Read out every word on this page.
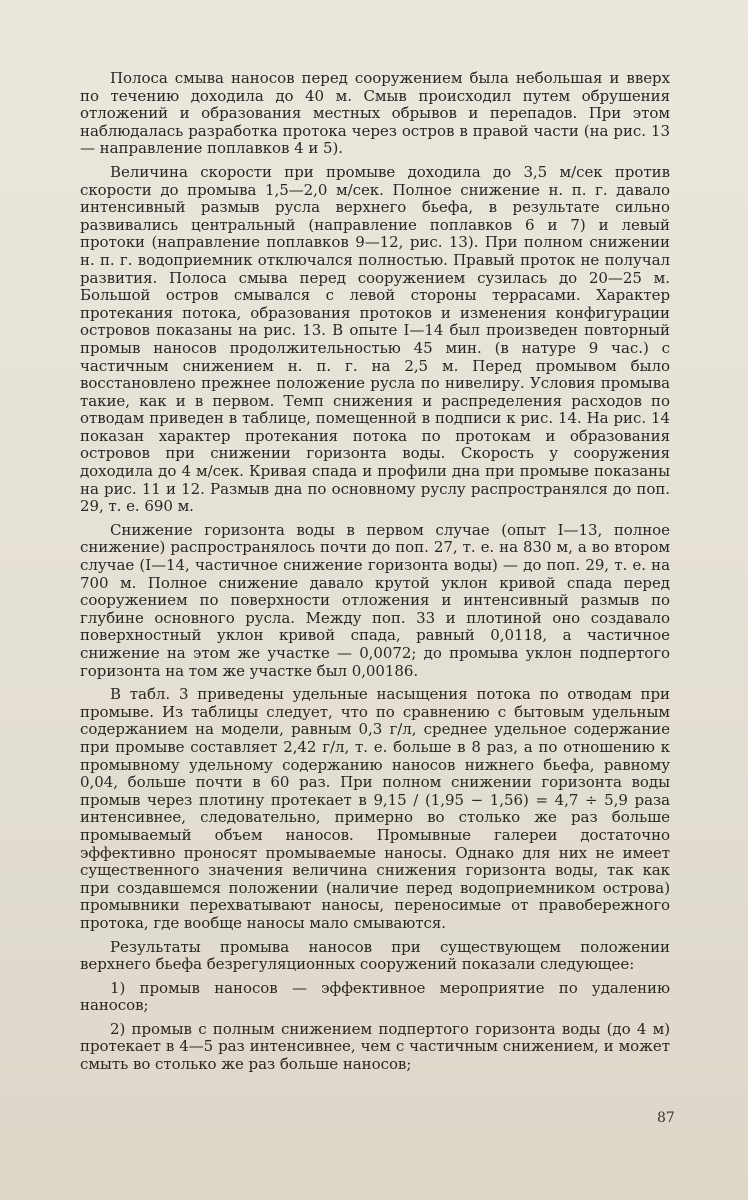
Полоса смыва наносов перед сооружением была небольшая и вверх по течению доходила до 40 м. Смыв происходил путем обрушения отложений и образования местных обрывов и перепадов. При этом наблюдалась разработка протока через остров в правой части (на рис. 13 — направление поплавков 4 и 5).

Величина скорости при промыве доходила до 3,5 м/сек против скорости до промыва 1,5—2,0 м/сек. Полное снижение н. п. г. давало интенсивный размыв русла верхнего бьефа, в результате сильно развивались центральный (направление поплавков 6 и 7) и левый протоки (направление поплавков 9—12, рис. 13). При полном снижении н. п. г. водоприемник отключался полностью. Правый проток не получал развития. Полоса смыва перед сооружением сузилась до 20—25 м. Большой остров смывался с левой стороны террасами. Характер протекания потока, образования протоков и изменения конфигурации островов показаны на рис. 13. В опыте I—14 был произведен повторный промыв наносов продолжительностью 45 мин. (в натуре 9 час.) с частичным снижением н. п. г. на 2,5 м. Перед промывом было восстановлено прежнее положение русла по нивелиру. Условия промыва такие, как и в первом. Темп снижения и распределения расходов по отводам приведен в таблице, помещенной в подписи к рис. 14. На рис. 14 показан характер протекания потока по протокам и образования островов при снижении горизонта воды. Скорость у сооружения доходила до 4 м/сек. Кривая спада и профили дна при промыве показаны на рис. 11 и 12. Размыв дна по основному руслу распространялся до поп. 29, т. е. 690 м.

Снижение горизонта воды в первом случае (опыт I—13, полное снижение) распространялось почти до поп. 27, т. е. на 830 м, а во втором случае (I—14, частичное снижение горизонта воды) — до поп. 29, т. е. на 700 м. Полное снижение давало крутой уклон кривой спада перед сооружением по поверхности отложения и интенсивный размыв по глубине основного русла. Между поп. 33 и плотиной оно создавало поверхностный уклон кривой спада, равный 0,0118, а частичное снижение на этом же участке — 0,0072; до промыва уклон подпертого горизонта на том же участке был 0,00186.

В табл. 3 приведены удельные насыщения потока по отводам при промыве. Из таблицы следует, что по сравнению с бытовым удельным содержанием на модели, равным 0,3 г/л, среднее удельное содержание при промыве составляет 2,42 г/л, т. е. больше в 8 раз, а по отношению к промывному удельному содержанию наносов нижнего бьефа, равному 0,04, больше почти в 60 раз. При полном снижении горизонта воды промыв через плотину протекает в 9,15 / (1,95 − 1,56) = 4,7 ÷ 5,9 раза интенсивнее, следовательно, примерно во столько же раз больше промываемый объем наносов. Промывные галереи достаточно эффективно проносят промываемые наносы. Однако для них не имеет существенного значения величина снижения горизонта воды, так как при создавшемся положении (наличие перед водоприемником острова) промывники перехватывают наносы, переносимые от правобережного протока, где вообще наносы мало смываются.

Результаты промыва наносов при существующем положении верхнего бьефа безрегуляционных сооружений показали следующее:

1) промыв наносов — эффективное мероприятие по удалению наносов;

2) промыв с полным снижением подпертого горизонта воды (до 4 м) протекает в 4—5 раз интенсивнее, чем с частичным снижением, и может смыть во столько же раз больше наносов;

87
